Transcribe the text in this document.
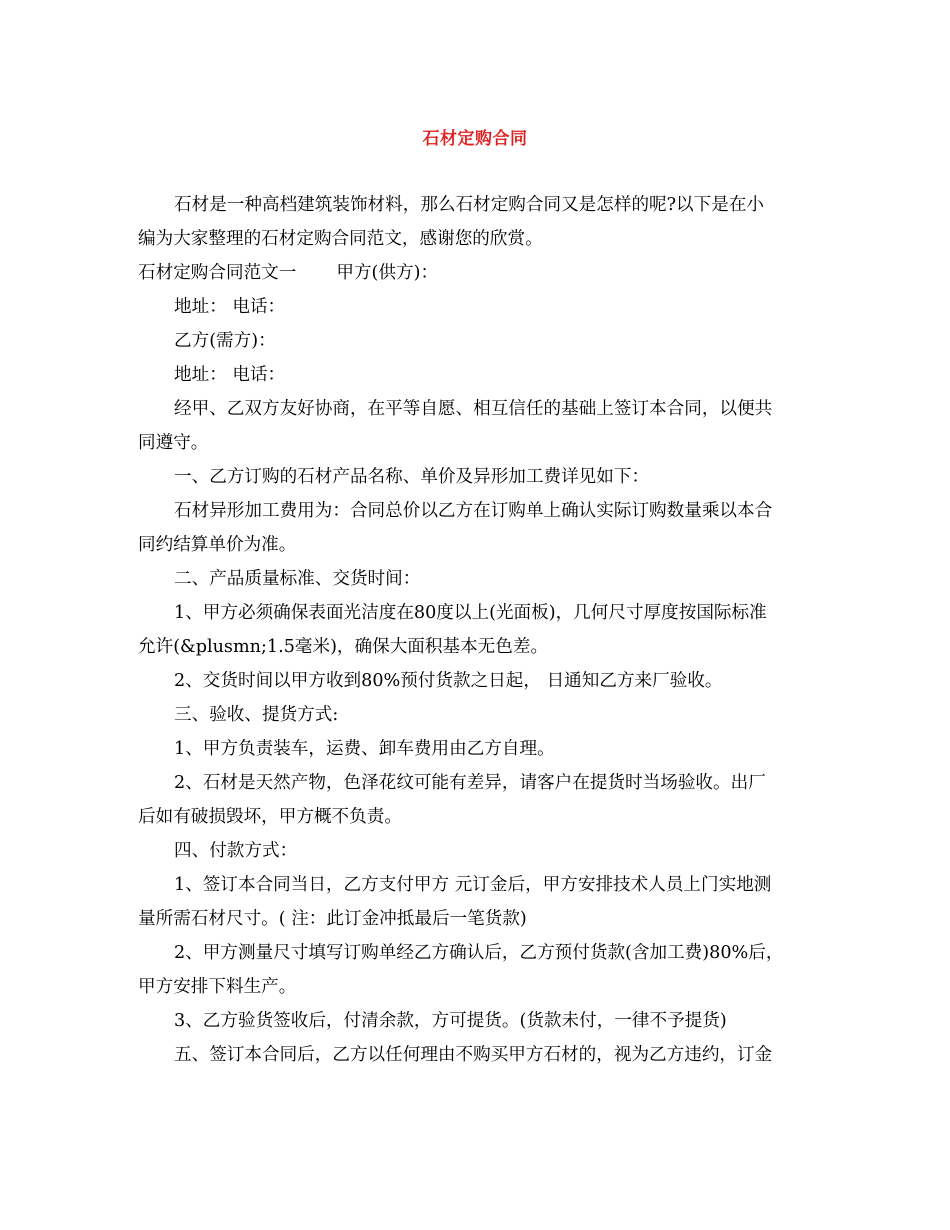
石材定购合同

石材是一种高档建筑装饰材料，那么石材定购合同又是怎样的呢?以下是在小

编为大家整理的石材定购合同范文，感谢您的欣赏。

石材定购合同范文一 甲方(供方)：

地址： 电话：

乙方(需方)：

地址： 电话：

经甲、乙双方友好协商，在平等自愿、相互信任的基础上签订本合同，以便共

同遵守。

一、乙方订购的石材产品名称、单价及异形加工费详见如下：

石材异形加工费用为：合同总价以乙方在订购单上确认实际订购数量乘以本合

同约结算单价为准。

二、产品质量标准、交货时间：

1、甲方必须确保表面光洁度在80度以上(光面板)，几何尺寸厚度按国际标准

允许(&plusmn;1.5毫米)，确保大面积基本无色差。

2、交货时间以甲方收到80%预付货款之日起， 日通知乙方来厂验收。

三、验收、提货方式:

1、甲方负责装车，运费、卸车费用由乙方自理。

2、石材是天然产物，色泽花纹可能有差异，请客户在提货时当场验收。出厂

后如有破损毁坏，甲方概不负责。

四、付款方式：

1、签订本合同当日，乙方支付甲方 元订金后，甲方安排技术人员上门实地测

量所需石材尺寸。( 注：此订金冲抵最后一笔货款)

2、甲方测量尺寸填写订购单经乙方确认后，乙方预付货款(含加工费)80%后，

甲方安排下料生产。

3、乙方验货签收后，付清余款，方可提货。(货款未付，一律不予提货)

五、签订本合同后，乙方以任何理由不购买甲方石材的，视为乙方违约，订金
